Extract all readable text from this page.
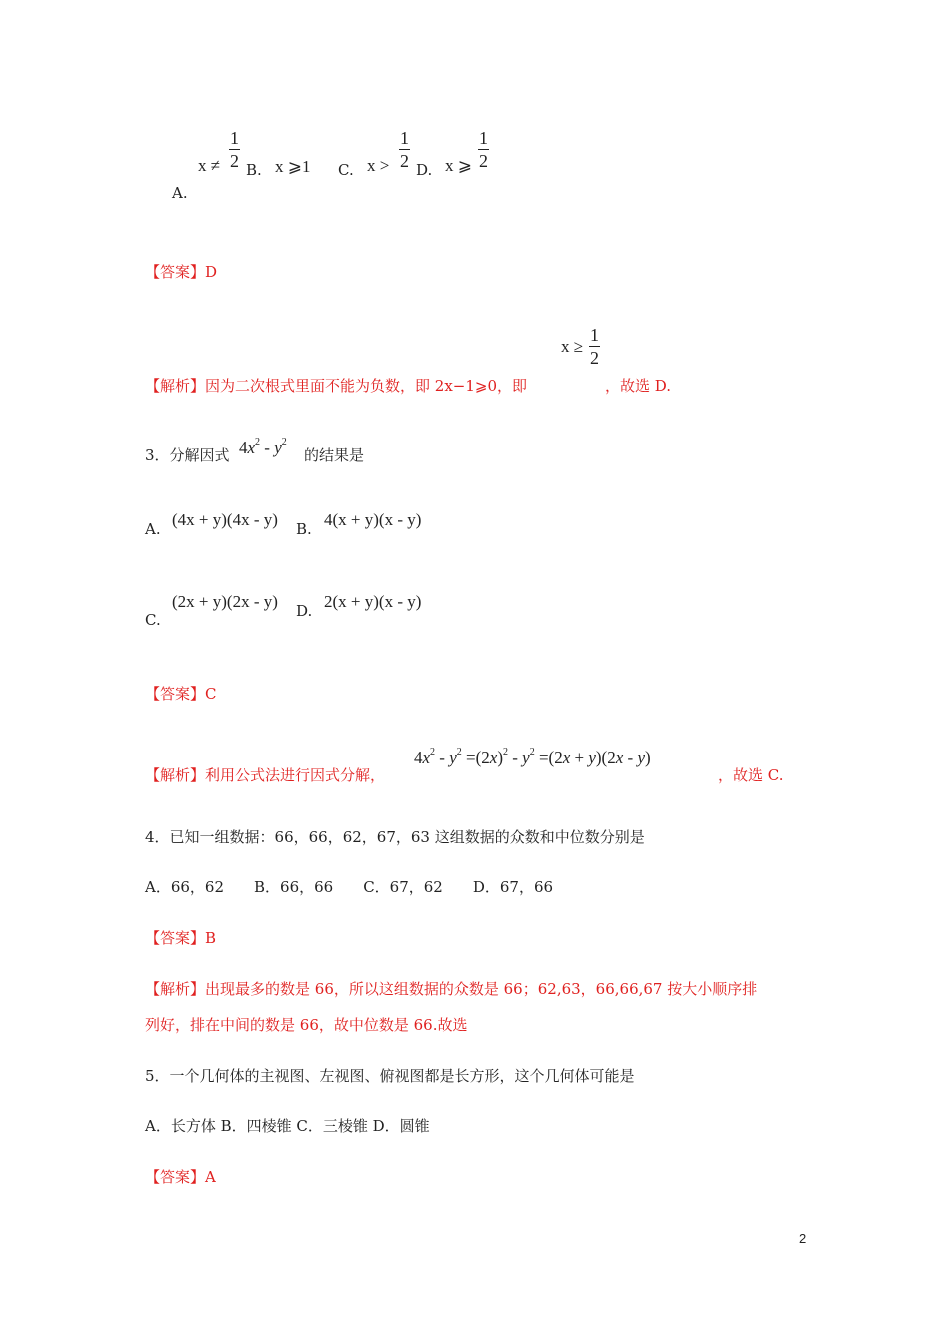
A.
x ≠
1
2 B. x ⩾1 C. x >
1
2 D. x ⩾
1
2
【答案】D
x ≥
1
2
【解析】因为二次根式里面不能为负数，即 2x−1⩾0，即	，故选 D.
3．分解因式 $4x^2 - y^2$
的结果是
A. (4x + y)(4x - y) B. 4(x + y)(x - y)
C.
(2x + y)(2x - y) D. 2(x + y)(x - y)
【答案】C
$4x^2 - y^2 =(2x)^2 - y^2 =(2x + y)(2x - y)$
【解析】利用公式法进行因式分解，	，故选 C.
4．已知一组数据：66，66，62，67，63 这组数据的众数和中位数分别是
A．66，62　　B．66，66　　C．67，62　　D．67，66
【答案】B
【解析】出现最多的数是 66，所以这组数据的众数是 66；62,63，66,66,67 按大小顺序排
列好，排在中间的数是 66，故中位数是 66.故选
5．一个几何体的主视图、左视图、俯视图都是长方形，这个几何体可能是
A．长方体 B．四棱锥 C．三棱锥 D．圆锥
【答案】A
2
